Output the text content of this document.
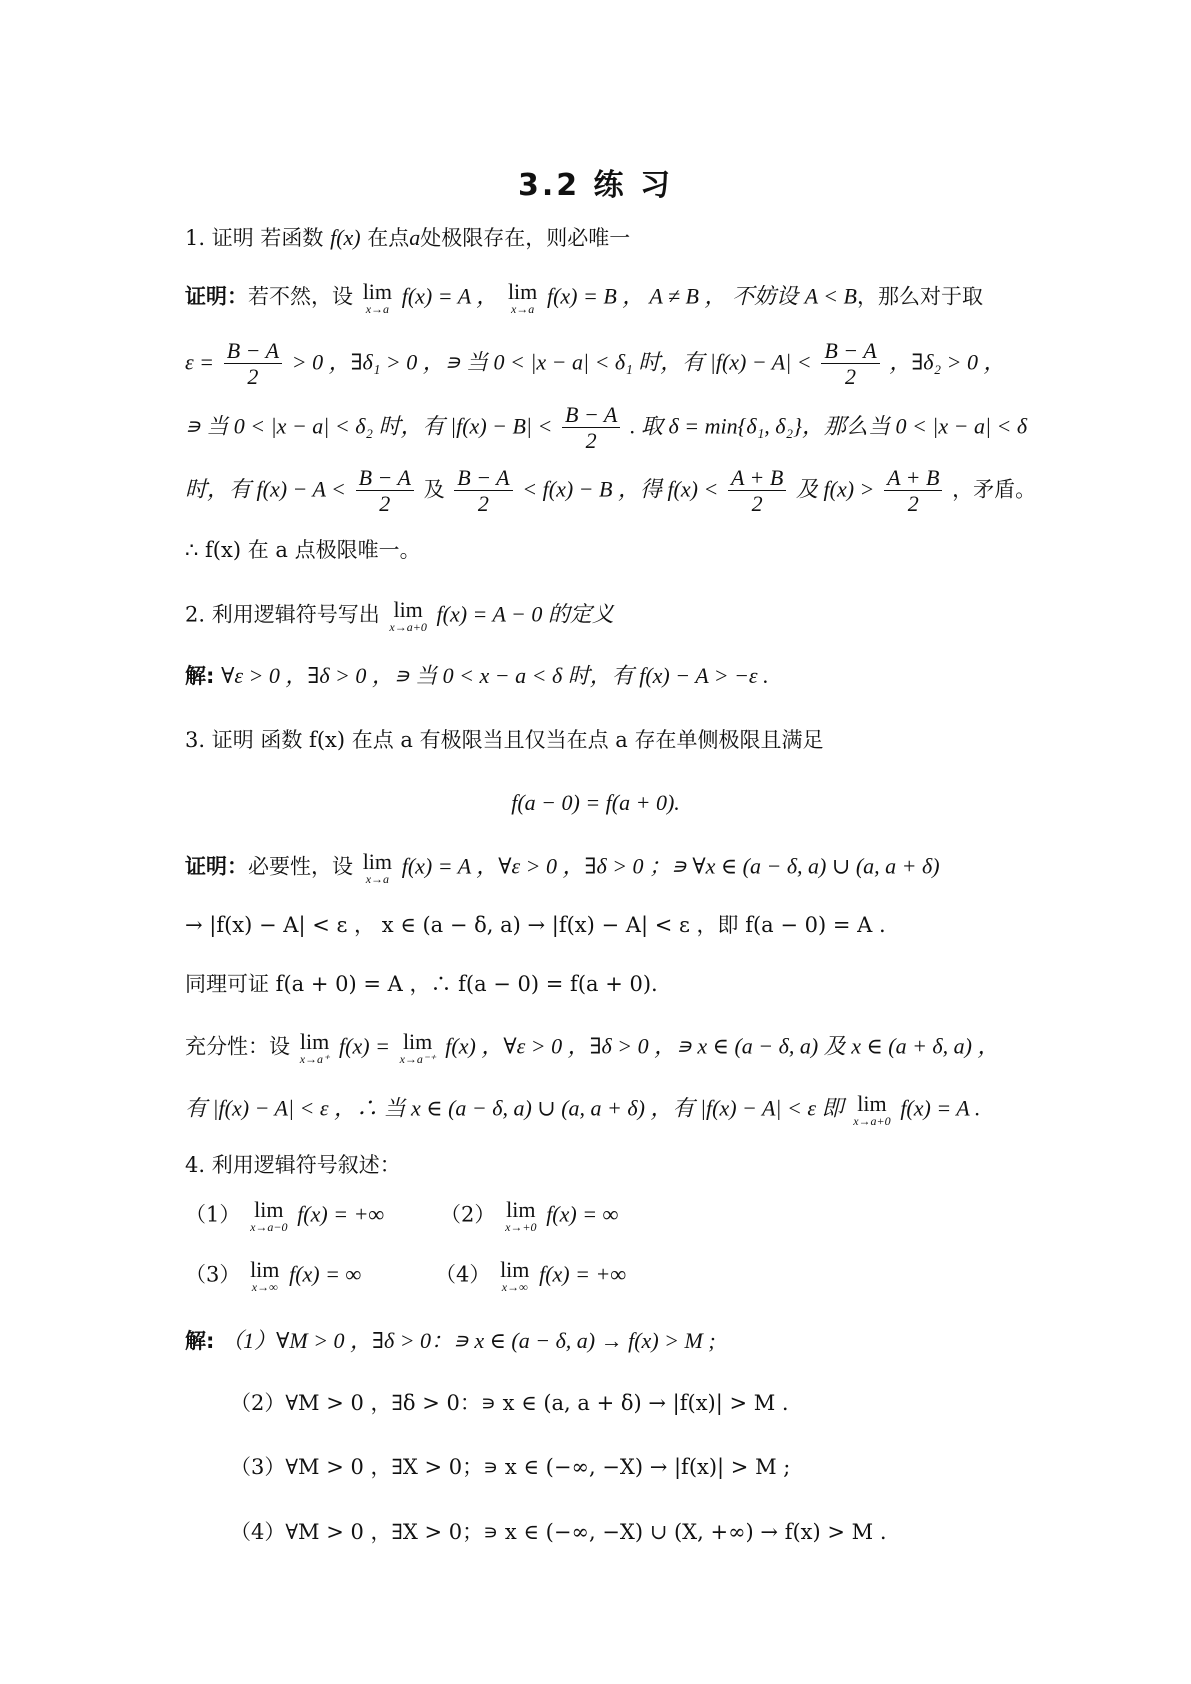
3.2 练 习
1. 证明 若函数 f(x) 在点a处极限存在，则必唯一
证明：若不然，设 lim
x→a
f(x) = A ， lim
x→a
f(x) = B ， A ≠ B ， 不妨设 A < B，那么对于取
$\varepsilon = \frac{B - A}{2} > 0$ ，∃δ₁ > 0 ，∍ 当 0 < |x − a| < δ₁ 时，有 $|f(x) - A| < \frac{B - A}{2}$ ，∃δ₂ > 0 ，
∍ 当 0 < |x − a| < δ₂ 时，有 $|f(x) - B| < \frac{B - A}{2}$ . 取 δ = min{δ₁, δ₂}，那么当 0 < |x − a| < δ
时，有 $f(x) - A < \frac{B - A}{2}$ 及 $\frac{B - A}{2} < f(x) - B$ ，得 $f(x) < \frac{A + B}{2}$ 及 $f(x) > \frac{A + B}{2}$ ，矛盾。
∴ f(x) 在 a 点极限唯一。
2. 利用逻辑符号写出 lim
x→a+0
f(x) = A − 0 的定义
解: ∀ε > 0 ，∃δ > 0 ，∍ 当 0 < x − a < δ 时，有 f(x) − A > −ε .
3. 证明 函数 f(x) 在点 a 有极限当且仅当在点 a 存在单侧极限且满足
f(a − 0) = f(a + 0).
证明：必要性，设 lim
x→a
f(x) = A ，∀ε > 0 ，∃δ > 0 ；∍ ∀x ∈ (a − δ, a) ∪ (a, a + δ)
→ |f(x) − A| < ε ， x ∈ (a − δ, a) → |f(x) − A| < ε ，即 f(a − 0) = A .
同理可证 f(a + 0) = A ，∴ f(a − 0) = f(a + 0).
充分性：设 lim
x→a⁺
f(x) = lim
x→a⁻⁺
f(x) ，∀ε > 0 ，∃δ > 0 ，∍ x ∈ (a − δ, a) 及 x ∈ (a + δ, a) ，
有 |f(x) − A| < ε ，∴ 当 x ∈ (a − δ, a) ∪ (a, a + δ) ，有 |f(x) − A| < ε 即 lim
x→a+0
f(x) = A .
4. 利用逻辑符号叙述：
（1） lim
x→a−0
f(x) = +∞	（2） lim
x→+0
f(x) = ∞
（3） lim
x→∞
f(x) = ∞	（4） lim
x→∞
f(x) = +∞
解: （1）∀M > 0 ，∃δ > 0：∍ x ∈ (a − δ, a) → f(x) > M ;
（2）∀M > 0 ，∃δ > 0：∍ x ∈ (a, a + δ) → |f(x)| > M .
（3）∀M > 0 ，∃X > 0；∍ x ∈ (−∞, −X) → |f(x)| > M ;
（4）∀M > 0 ，∃X > 0；∍ x ∈ (−∞, −X) ∪ (X, +∞) → f(x) > M .
